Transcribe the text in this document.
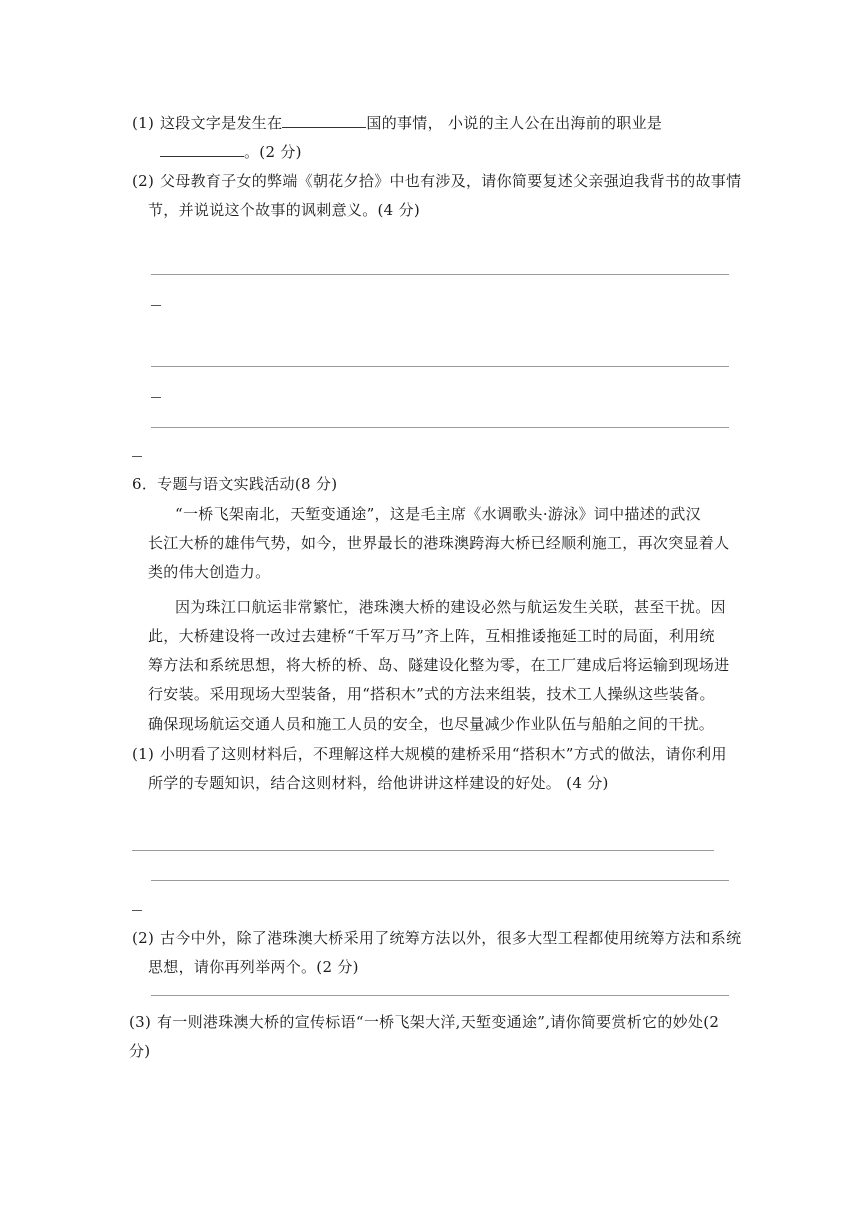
(1) 这段文字是发生在	国的事情， 小说的主人公在出海前的职业是
。(2 分)
(2) 父母教育子女的弊端《朝花夕拾》中也有涉及，请你简要复述父亲强迫我背书的故事情
节，并说说这个故事的讽刺意义。(4 分)
6．专题与语文实践活动(8 分)
“一桥飞架南北，天堑变通途”，这是毛主席《水调歌头·游泳》词中描述的武汉
长江大桥的雄伟气势，如今，世界最长的港珠澳跨海大桥已经顺利施工，再次突显着人
类的伟大创造力。
因为珠江口航运非常繁忙，港珠澳大桥的建设必然与航运发生关联，甚至干扰。因
此，大桥建设将一改过去建桥“千军万马”齐上阵，互相推诿拖延工时的局面，利用统
筹方法和系统思想，将大桥的桥、岛、隧建设化整为零，在工厂建成后将运输到现场进
行安装。采用现场大型装备，用“搭积木”式的方法来组装，技术工人操纵这些装备。
确保现场航运交通人员和施工人员的安全，也尽量减少作业队伍与船舶之间的干扰。
(1) 小明看了这则材料后，不理解这样大规模的建桥采用“搭积木”方式的做法，请你利用
所学的专题知识，结合这则材料，给他讲讲这样建设的好处。 (4 分)
(2) 古今中外，除了港珠澳大桥采用了统筹方法以外，很多大型工程都使用统筹方法和系统
思想，请你再列举两个。(2 分)
(3) 有一则港珠澳大桥的宣传标语“一桥飞架大洋,天堑变通途”,请你简要赏析它的妙处(2
分)
